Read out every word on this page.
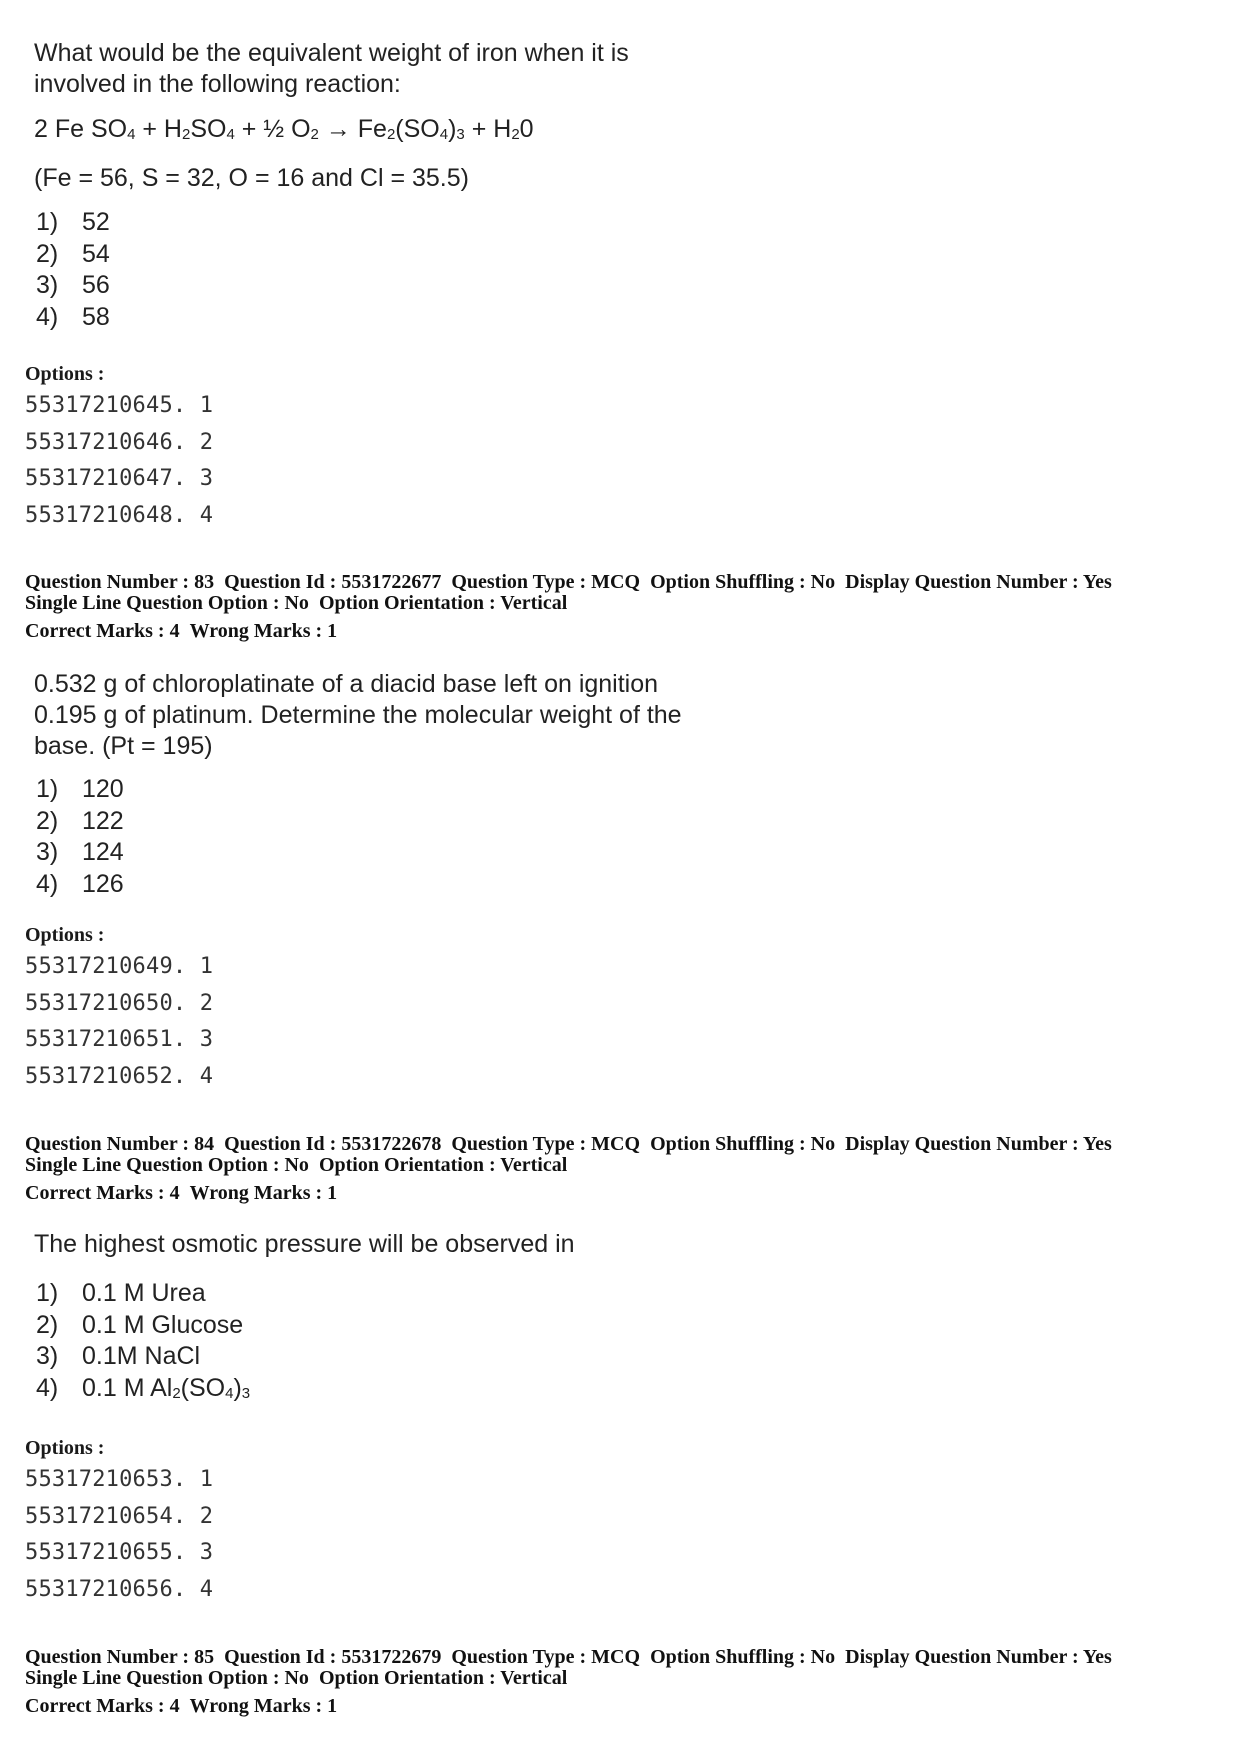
What would be the equivalent weight of iron when it is
involved in the following reaction:

2 Fe $SO_4 + H_2SO_4$ + ½ $O_2 \to Fe_2(SO_4)_3 + H_20$

(Fe = 56, S = 32, O = 16 and Cl = 35.5)

1) 52
2) 54
3) 56
4) 58

Options :

55317210645. 1
55317210646. 2
55317210647. 3
55317210648. 4
Question Number : 83 Question Id : 5531722677 Question Type : MCQ Option Shuffling : No Display Question Number : Yes
Single Line Question Option : No Option Orientation : Vertical
Correct Marks : 4 Wrong Marks : 1

0.532 g of chloroplatinate of a diacid base left on ignition
0.195 g of platinum. Determine the molecular weight of the
base. (Pt = 195)

1) 120
2) 122
3) 124
4) 126

Options :

55317210649. 1
55317210650. 2
55317210651. 3
55317210652. 4
Question Number : 84 Question Id : 5531722678 Question Type : MCQ Option Shuffling : No Display Question Number : Yes
Single Line Question Option : No Option Orientation : Vertical
Correct Marks : 4 Wrong Marks : 1

The highest osmotic pressure will be observed in

1) 0.1 M Urea
2) 0.1 M Glucose
3) 0.1M NaCl
4) 0.1 M $Al_2(SO_4)_3$

Options :

55317210653. 1
55317210654. 2
55317210655. 3
55317210656. 4
Question Number : 85 Question Id : 5531722679 Question Type : MCQ Option Shuffling : No Display Question Number : Yes
Single Line Question Option : No Option Orientation : Vertical
Correct Marks : 4 Wrong Marks : 1
